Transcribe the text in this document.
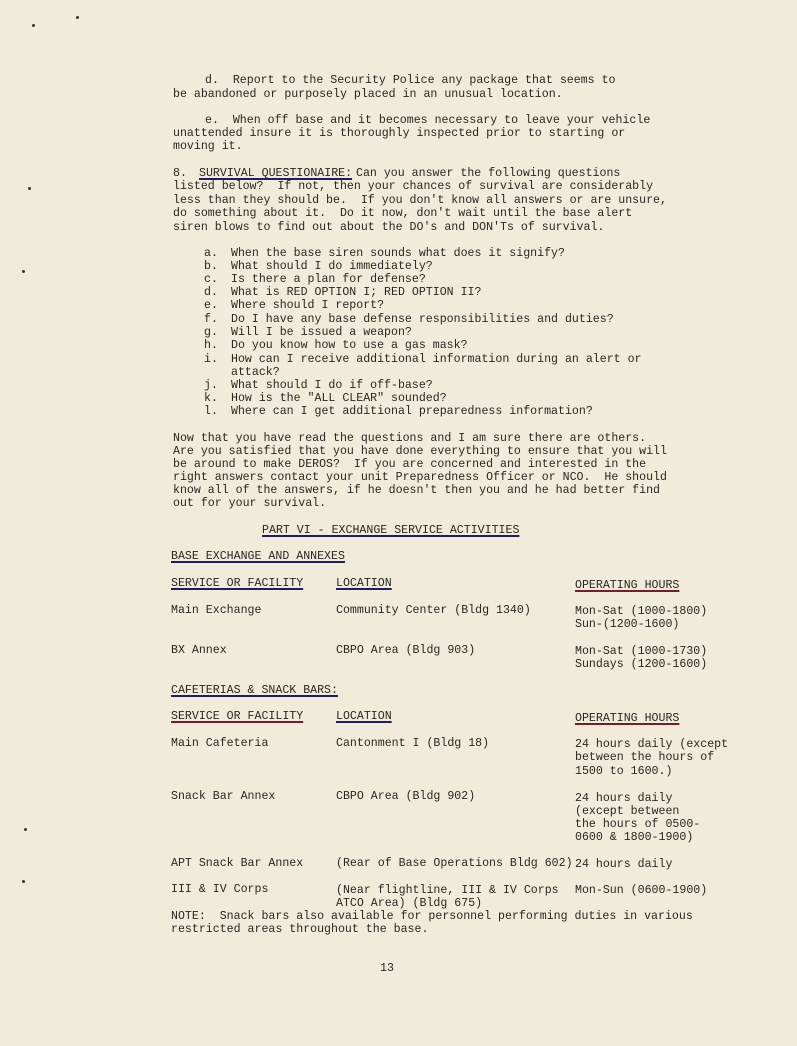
d.  Report to the Security Police any package that seems to
be abandoned or purposely placed in an unusual location.
e.  When off base and it becomes necessary to leave your vehicle
unattended insure it is thoroughly inspected prior to starting or
moving it.
8. SURVIVAL QUESTIONAIRE: Can you answer the following questions
listed below?  If not, then your chances of survival are considerably
less than they should be.  If you don't know all answers or are unsure,
do something about it.  Do it now, don't wait until the base alert
siren blows to find out about the DO's and DON'Ts of survival.
a. When the base siren sounds what does it signify?
b. What should I do immediately?
c. Is there a plan for defense?
d. What is RED OPTION I; RED OPTION II?
e. Where should I report?
f. Do I have any base defense responsibilities and duties?
g. Will I be issued a weapon?
h. Do you know how to use a gas mask?
i. How can I receive additional information during an alert or
attack?
j. What should I do if off-base?
k. How is the "ALL CLEAR" sounded?
l. Where can I get additional preparedness information?
Now that you have read the questions and I am sure there are others.
Are you satisfied that you have done everything to ensure that you will
be around to make DEROS?  If you are concerned and interested in the
right answers contact your unit Preparedness Officer or NCO.  He should
know all of the answers, if he doesn't then you and he had better find
out for your survival.
PART VI - EXCHANGE SERVICE ACTIVITIES
BASE EXCHANGE AND ANNEXES
SERVICE OR FACILITY	LOCATION	OPERATING HOURS
Main Exchange	Community Center (Bldg 1340)	Mon-Sat (1000-1800)
Sun-(1200-1600)
BX Annex	CBPO Area (Bldg 903)	Mon-Sat (1000-1730)
Sundays (1200-1600)
CAFETERIAS & SNACK BARS:
SERVICE OR FACILITY	LOCATION	OPERATING HOURS
Main Cafeteria	Cantonment I (Bldg 18)	24 hours daily (except
between the hours of
1500 to 1600.)
Snack Bar Annex	CBPO Area (Bldg 902)	24 hours daily
(except between
the hours of 0500-
0600 & 1800-1900)
APT Snack Bar Annex	(Rear of Base Operations Bldg 602) 24 hours daily
III & IV Corps	(Near flightline, III & IV Corps
ATCO Area) (Bldg 675)
Mon-Sun (0600-1900)
NOTE:  Snack bars also available for personnel performing duties in various
restricted areas throughout the base.
13
